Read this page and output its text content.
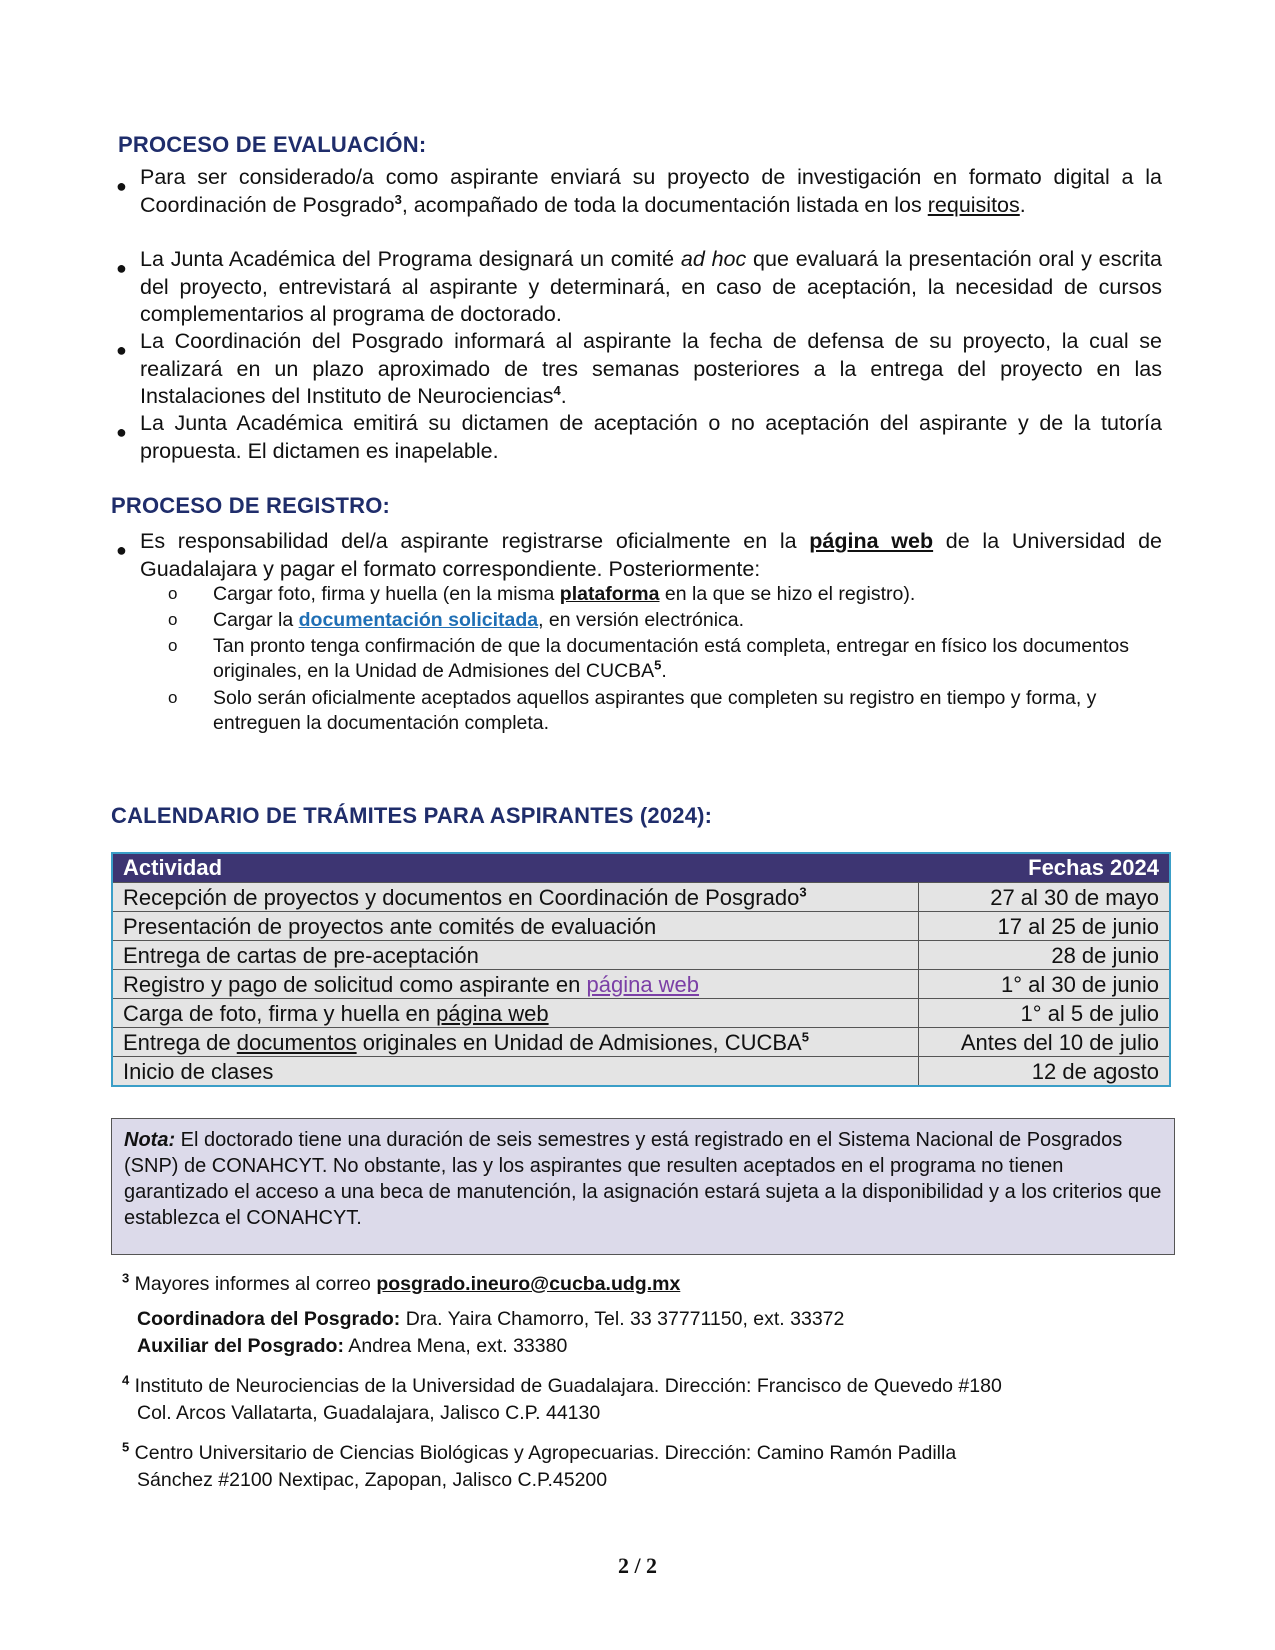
PROCESO DE EVALUACIÓN:
● Para ser considerado/a como aspirante enviará su proyecto de investigación en formato digital a la Coordinación de Posgrado$^3$, acompañado de toda la documentación listada en los requisitos.
● La Junta Académica del Programa designará un comité ad hoc que evaluará la presentación oral y escrita del proyecto, entrevistará al aspirante y determinará, en caso de aceptación, la necesidad de cursos complementarios al programa de doctorado.
● La Coordinación del Posgrado informará al aspirante la fecha de defensa de su proyecto, la cual se realizará en un plazo aproximado de tres semanas posteriores a la entrega del proyecto en las Instalaciones del Instituto de Neurociencias$^4$.
● La Junta Académica emitirá su dictamen de aceptación o no aceptación del aspirante y de la tutoría propuesta. El dictamen es inapelable.
PROCESO DE REGISTRO:
● Es responsabilidad del/a aspirante registrarse oficialmente en la página web de la Universidad de Guadalajara y pagar el formato correspondiente. Posteriormente:
o Cargar foto, firma y huella (en la misma plataforma en la que se hizo el registro).
o Cargar la documentación solicitada, en versión electrónica.
o Tan pronto tenga confirmación de que la documentación está completa, entregar en físico los documentos originales, en la Unidad de Admisiones del CUCBA$^5$.
o Solo serán oficialmente aceptados aquellos aspirantes que completen su registro en tiempo y forma, y entreguen la documentación completa.
CALENDARIO DE TRÁMITES PARA ASPIRANTES (2024):
Actividad	Fechas 2024
Recepción de proyectos y documentos en Coordinación de Posgrado$^3$	27 al 30 de mayo
Presentación de proyectos ante comités de evaluación	17 al 25 de junio
Entrega de cartas de pre-aceptación	28 de junio
Registro y pago de solicitud como aspirante en página web	1° al 30 de junio
Carga de foto, firma y huella en página web	1° al 5 de julio
Entrega de documentos originales en Unidad de Admisiones, CUCBA$^5$	Antes del 10 de julio
Inicio de clases	12 de agosto
Nota: El doctorado tiene una duración de seis semestres y está registrado en el Sistema Nacional de Posgrados (SNP) de CONAHCYT. No obstante, las y los aspirantes que resulten aceptados en el programa no tienen garantizado el acceso a una beca de manutención, la asignación estará sujeta a la disponibilidad y a los criterios que establezca el CONAHCYT.
$^3$ Mayores informes al correo posgrado.ineuro@cucba.udg.mx
Coordinadora del Posgrado: Dra. Yaira Chamorro, Tel. 33 37771150, ext. 33372
Auxiliar del Posgrado: Andrea Mena, ext. 33380
$^4$ Instituto de Neurociencias de la Universidad de Guadalajara. Dirección: Francisco de Quevedo #180
Col. Arcos Vallatarta, Guadalajara, Jalisco C.P. 44130
$^5$ Centro Universitario de Ciencias Biológicas y Agropecuarias. Dirección: Camino Ramón Padilla
Sánchez #2100 Nextipac, Zapopan, Jalisco C.P.45200
2 / 2
